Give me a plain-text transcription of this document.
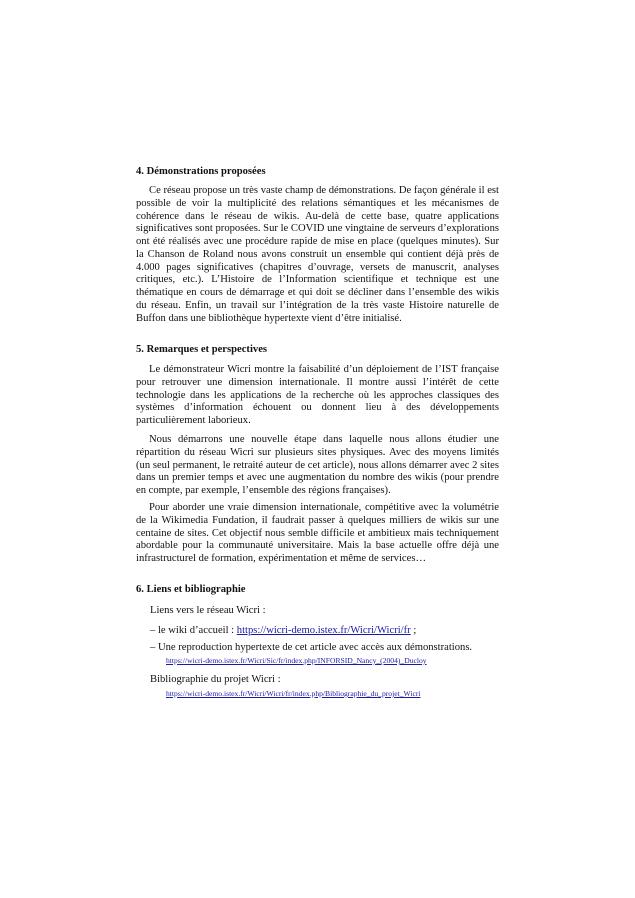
4. Démonstrations proposées

Ce réseau propose un très vaste champ de démonstrations. De façon générale il est possible de voir la multiplicité des relations sémantiques et les mécanismes de cohérence dans le réseau de wikis. Au-delà de cette base, quatre applications significatives sont proposées. Sur le COVID une vingtaine de serveurs d’explorations ont été réalisés avec une procédure rapide de mise en place (quelques minutes). Sur la Chanson de Roland nous avons construit un ensemble qui contient déjà près de 4.000 pages significatives (chapitres d’ouvrage, versets de manuscrit, analyses critiques, etc.). L’Histoire de l’Information scientifique et technique est une thématique en cours de démarrage et qui doit se décliner dans l’ensemble des wikis du réseau. Enfin, un travail sur l’intégration de la très vaste Histoire naturelle de Buffon dans une bibliothèque hypertexte vient d’être initialisé.

5. Remarques et perspectives

Le démonstrateur Wicri montre la faisabilité d’un déploiement de l’IST française pour retrouver une dimension internationale. Il montre aussi l’intérêt de cette technologie dans les applications de la recherche où les approches classiques des systèmes d’information échouent ou donnent lieu à des développements particulièrement laborieux.

Nous démarrons une nouvelle étape dans laquelle nous allons étudier une répartition du réseau Wicri sur plusieurs sites physiques. Avec des moyens limités (un seul permanent, le retraité auteur de cet article), nous allons démarrer avec 2 sites dans un premier temps et avec une augmentation du nombre des wikis (pour prendre en compte, par exemple, l’ensemble des régions françaises).

Pour aborder une vraie dimension internationale, compétitive avec la volumétrie de la Wikimedia Fundation, il faudrait passer à quelques milliers de wikis sur une centaine de sites. Cet objectif nous semble difficile et ambitieux mais techniquement abordable pour la communauté universitaire. Mais la base actuelle offre déjà une infrastructurel de formation, expérimentation et même de services…

6. Liens et bibliographie

Liens vers le réseau Wicri :

– le wiki d’accueil : https://wicri-demo.istex.fr/Wicri/Wicri/fr ;

– Une reproduction hypertexte de cet article avec accès aux démonstrations.

https://wicri-demo.istex.fr/Wicri/Sic/fr/index.php/INFORSID_Nancy_(2004)_Ducloy

Bibliographie du projet Wicri :

https://wicri-demo.istex.fr/Wicri/Wicri/fr/index.php/Bibliographie_du_projet_Wicri
